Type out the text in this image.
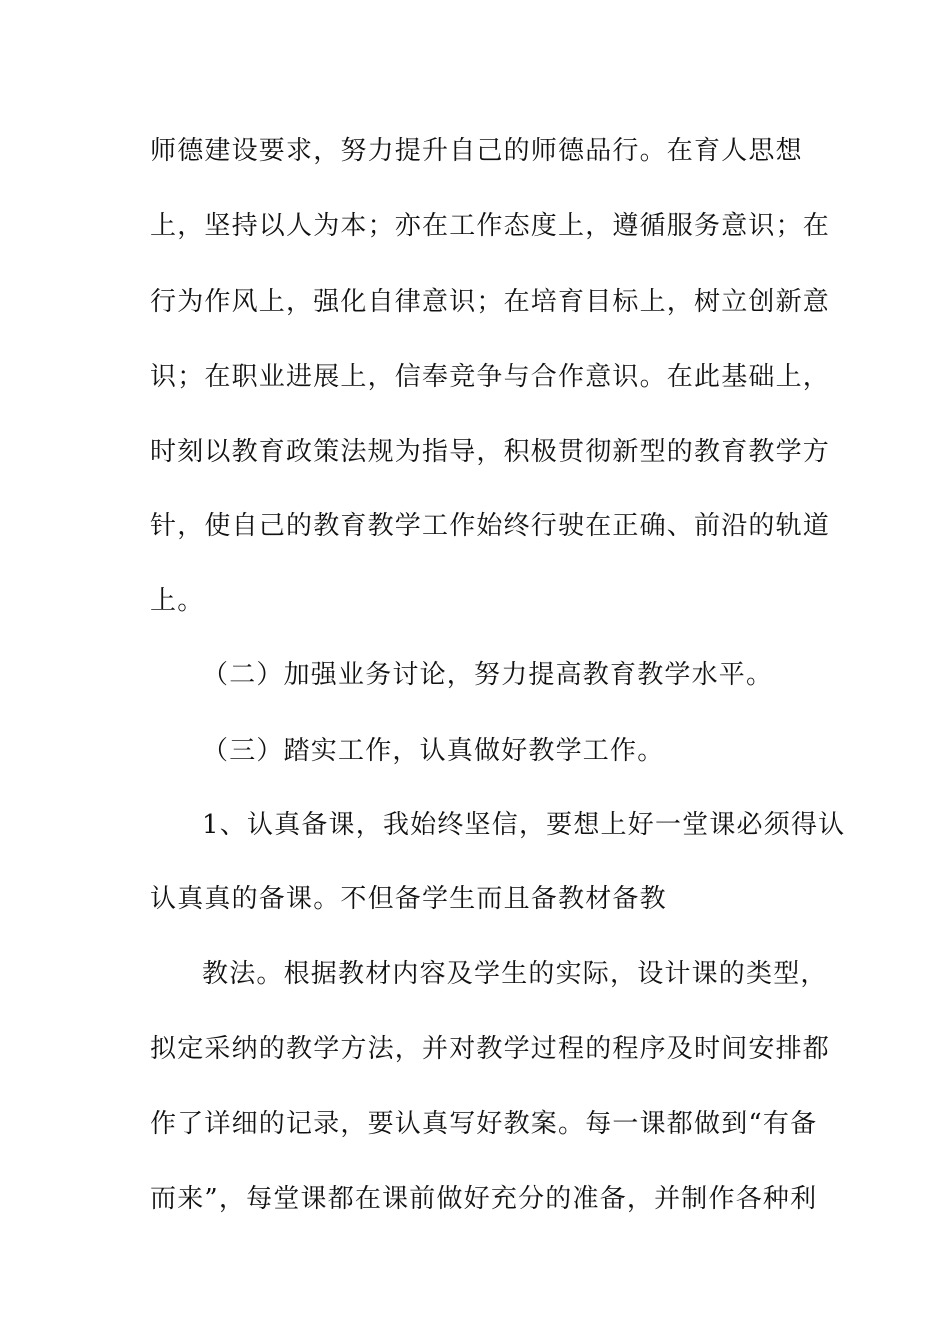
师德建设要求，努力提升自己的师德品行。在育人思想
上，坚持以人为本；亦在工作态度上，遵循服务意识；在
行为作风上，强化自律意识；在培育目标上，树立创新意
识；在职业进展上，信奉竞争与合作意识。在此基础上，
时刻以教育政策法规为指导，积极贯彻新型的教育教学方
针，使自己的教育教学工作始终行驶在正确、前沿的轨道
上。
（二）加强业务讨论，努力提高教育教学水平。
（三）踏实工作，认真做好教学工作。
1、认真备课，我始终坚信，要想上好一堂课必须得认
认真真的备课。不但备学生而且备教材备教
教法。根据教材内容及学生的实际，设计课的类型，
拟定采纳的教学方法，并对教学过程的程序及时间安排都
作了详细的记录，要认真写好教案。每一课都做到“有备
而来”，每堂课都在课前做好充分的准备，并制作各种利
